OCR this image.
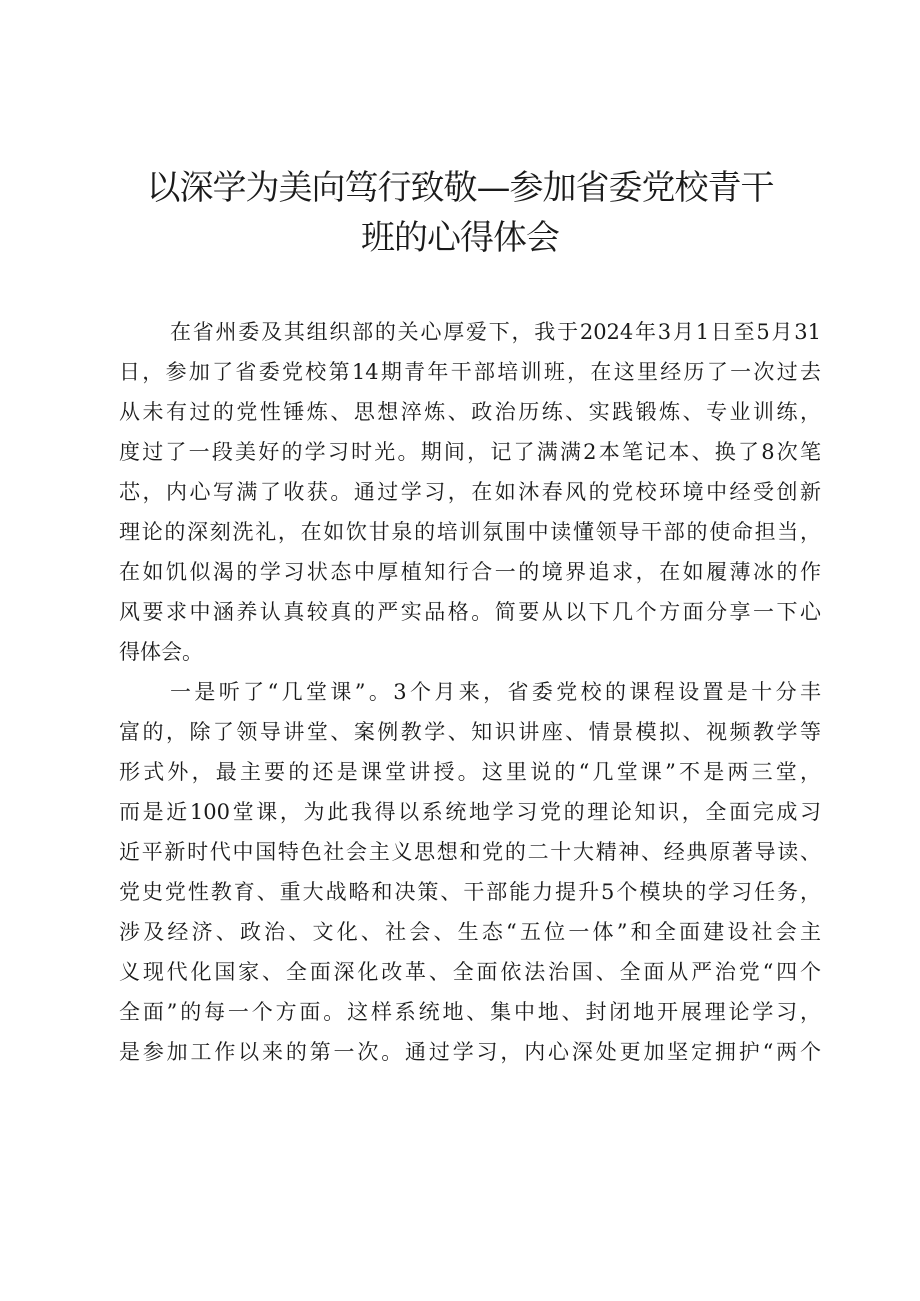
以深学为美向笃行致敬—参加省委党校青干
班的心得体会

在省州委及其组织部的关心厚爱下，我于2024年3月1日至5月31

日，参加了省委党校第14期青年干部培训班，在这里经历了一次过去

从未有过的党性锤炼、思想淬炼、政治历练、实践锻炼、专业训练，

度过了一段美好的学习时光。期间，记了满满2本笔记本、换了8次笔

芯，内心写满了收获。通过学习，在如沐春风的党校环境中经受创新

理论的深刻洗礼，在如饮甘泉的培训氛围中读懂领导干部的使命担当，

在如饥似渴的学习状态中厚植知行合一的境界追求，在如履薄冰的作

风要求中涵养认真较真的严实品格。简要从以下几个方面分享一下心

得体会。

一是听了“几堂课”。3个月来，省委党校的课程设置是十分丰

富的，除了领导讲堂、案例教学、知识讲座、情景模拟、视频教学等

形式外，最主要的还是课堂讲授。这里说的“几堂课”不是两三堂，

而是近100堂课，为此我得以系统地学习党的理论知识，全面完成习

近平新时代中国特色社会主义思想和党的二十大精神、经典原著导读、

党史党性教育、重大战略和决策、干部能力提升5个模块的学习任务，

涉及经济、政治、文化、社会、生态“五位一体”和全面建设社会主

义现代化国家、全面深化改革、全面依法治国、全面从严治党“四个

全面”的每一个方面。这样系统地、集中地、封闭地开展理论学习，

是参加工作以来的第一次。通过学习，内心深处更加坚定拥护“两个
